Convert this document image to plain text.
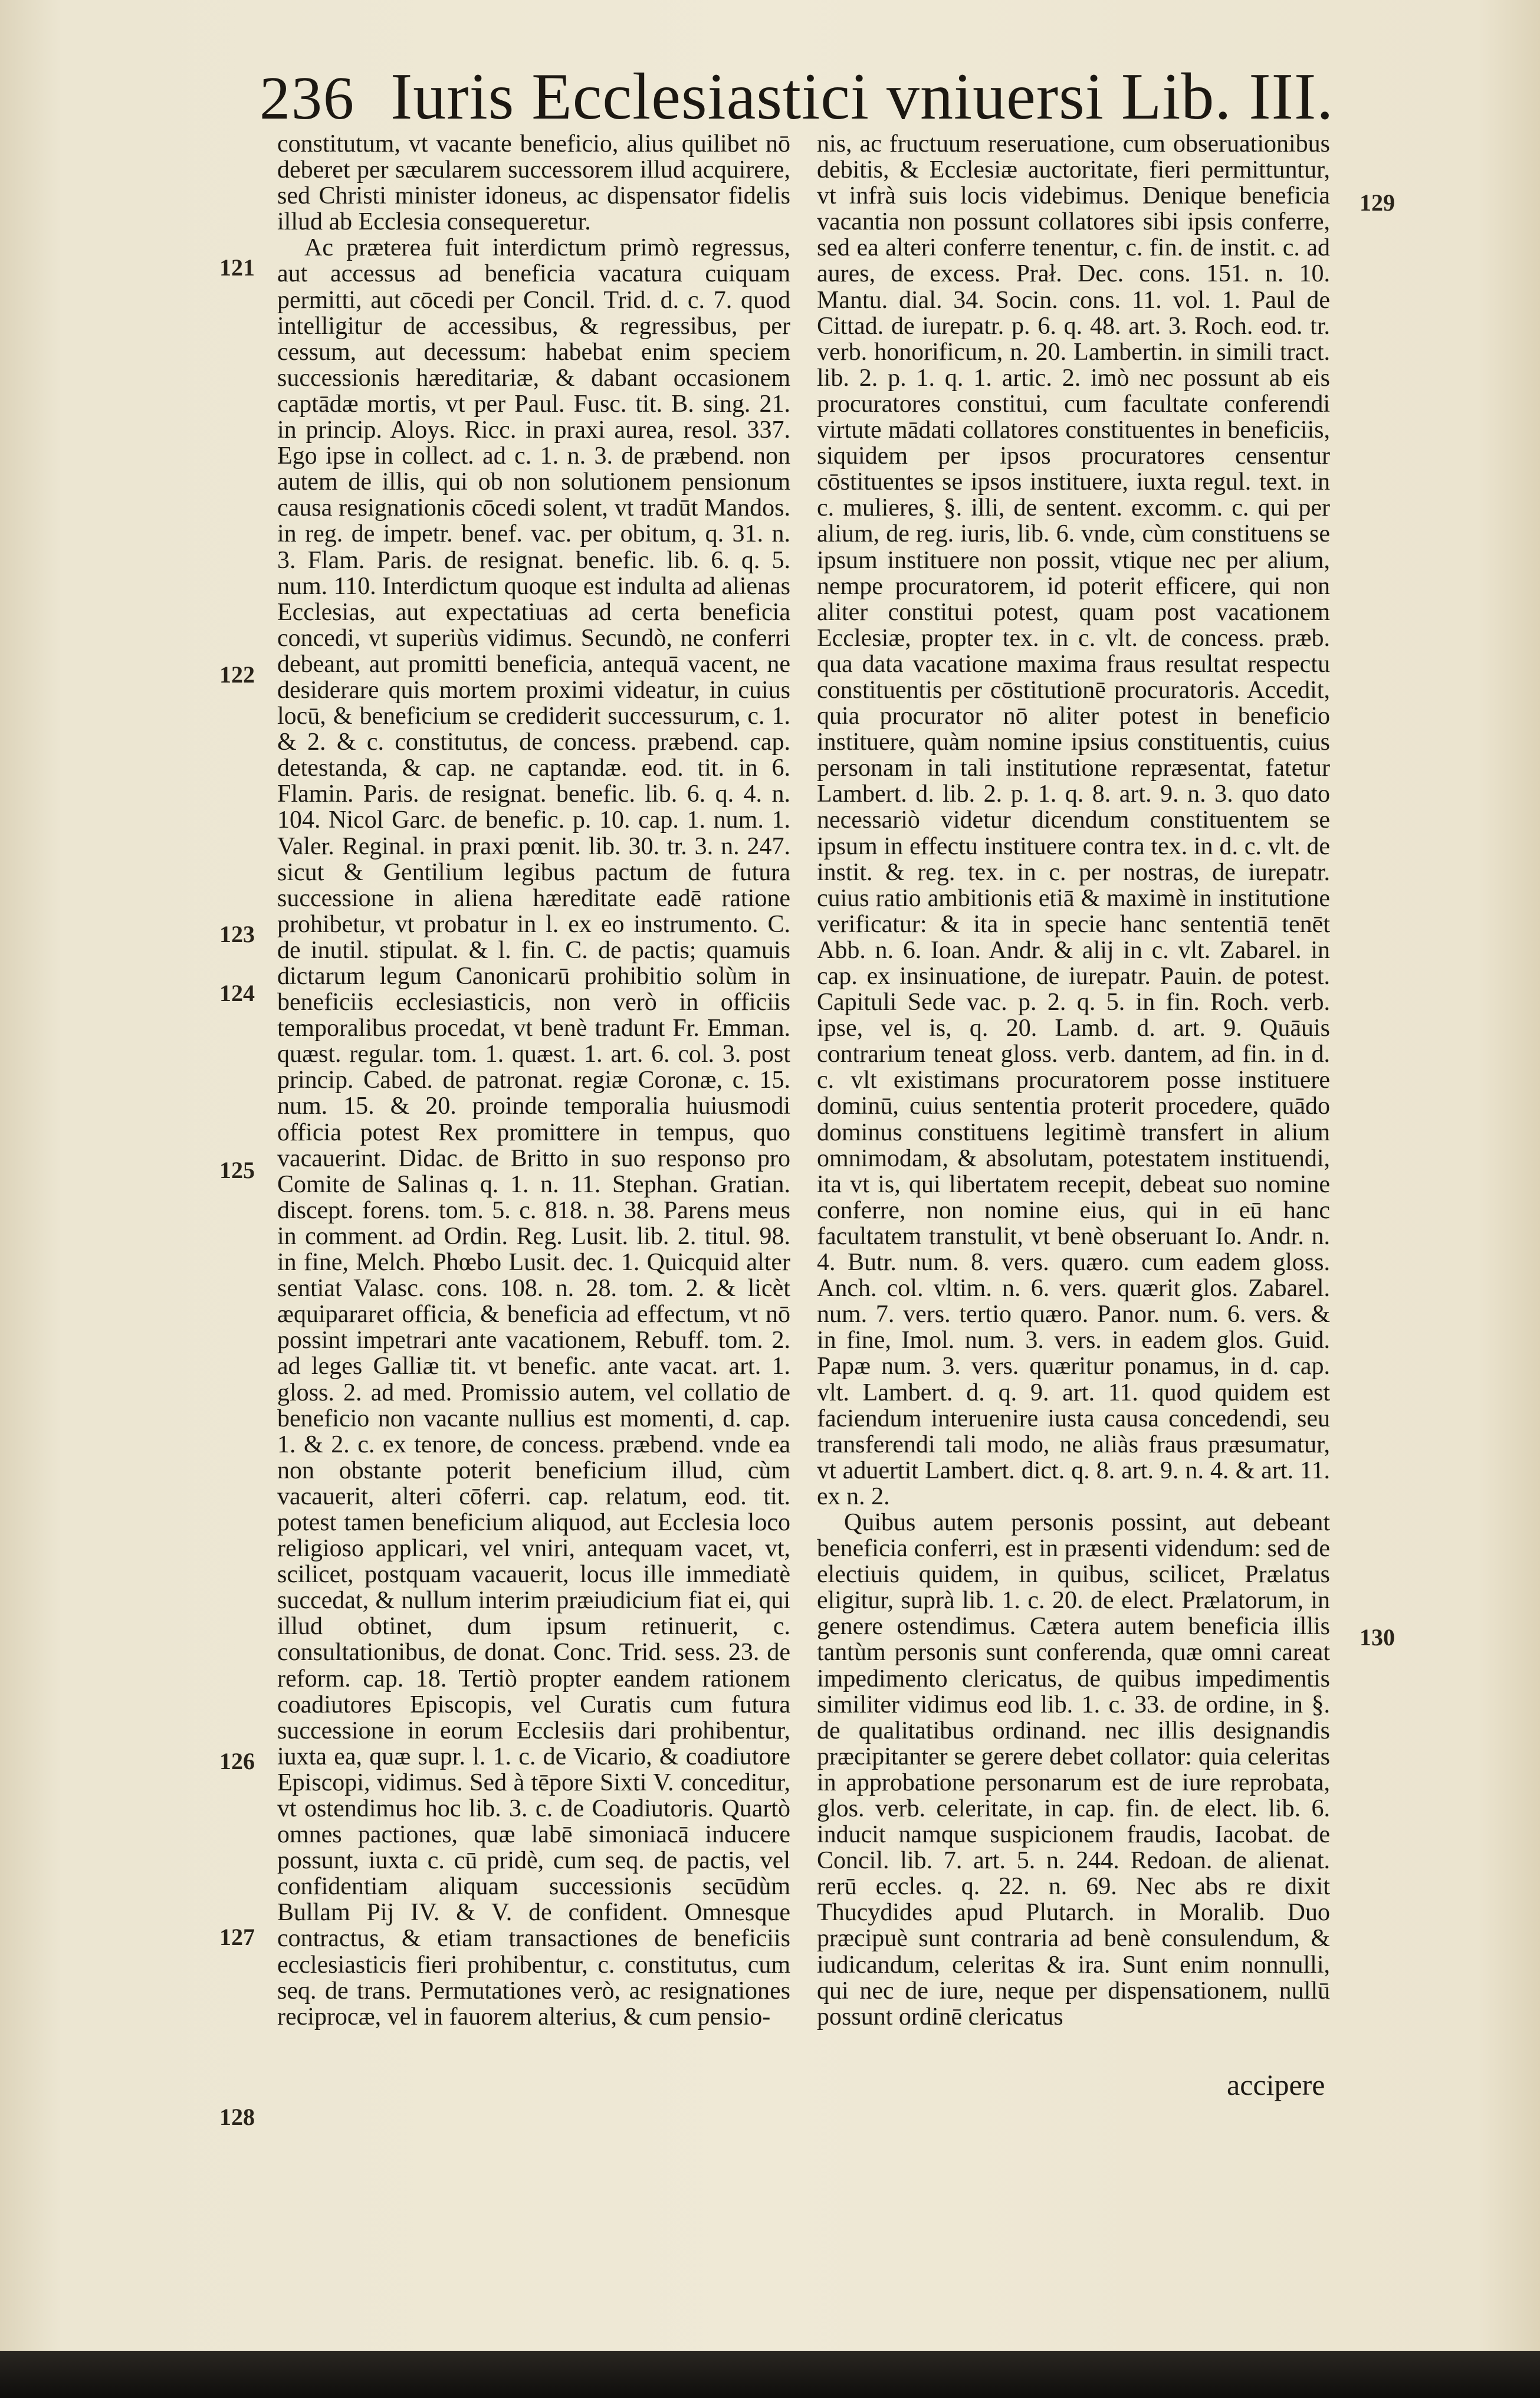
236 Iuris Ecclesiastici vniuersi Lib. III.

constitutum, vt vacante beneficio, alius quilibet nō deberet per sæcularem successorem illud acquirere, sed Christi minister idoneus, ac dispensator fidelis illud ab Ecclesia consequeretur.

Ac præterea fuit interdictum primò regressus, aut accessus ad beneficia vacatura cuiquam permitti, aut cōcedi per Concil. Trid. d. c. 7. quod intelligitur de accessibus, & regressibus, per cessum, aut decessum: habebat enim speciem successionis hæreditariæ, & dabant occasionem captādæ mortis, vt per Paul. Fusc. tit. B. sing. 21. in princip. Aloys. Ricc. in praxi aurea, resol. 337. Ego ipse in collect. ad c. 1. n. 3. de præbend. non autem de illis, qui ob non solutionem pensionum causa resignationis cōcedi solent, vt tradūt Mandos. in reg. de impetr. benef. vac. per obitum, q. 31. n. 3. Flam. Paris. de resignat. benefic. lib. 6. q. 5. num. 110. Interdictum quoque est indulta ad alienas Ecclesias, aut expectatiuas ad certa beneficia concedi, vt superiùs vidimus. Secundò, ne conferri debeant, aut promitti beneficia, antequā vacent, ne desiderare quis mortem proximi videatur, in cuius locū, & beneficium se crediderit successurum, c. 1. & 2. & c. constitutus, de concess. præbend. cap. detestanda, & cap. ne captandæ. eod. tit. in 6. Flamin. Paris. de resignat. benefic. lib. 6. q. 4. n. 104. Nicol Garc. de benefic. p. 10. cap. 1. num. 1. Valer. Reginal. in praxi pœnit. lib. 30. tr. 3. n. 247. sicut & Gentilium legibus pactum de futura successione in aliena hæreditate eadē ratione prohibetur, vt probatur in l. ex eo instrumento. C. de inutil. stipulat. & l. fin. C. de pactis; quamuis dictarum legum Canonicarū prohibitio solùm in beneficiis ecclesiasticis, non verò in officiis temporalibus procedat, vt benè tradunt Fr. Emman. quæst. regular. tom. 1. quæst. 1. art. 6. col. 3. post princip. Cabed. de patronat. regiæ Coronæ, c. 15. num. 15. & 20. proinde temporalia huiusmodi officia potest Rex promittere in tempus, quo vacauerint. Didac. de Britto in suo responso pro Comite de Salinas q. 1. n. 11. Stephan. Gratian. discept. forens. tom. 5. c. 818. n. 38. Parens meus in comment. ad Ordin. Reg. Lusit. lib. 2. titul. 98. in fine, Melch. Phœbo Lusit. dec. 1. Quicquid alter sentiat Valasc. cons. 108. n. 28. tom. 2. & licèt æquipararet officia, & beneficia ad effectum, vt nō possint impetrari ante vacationem, Rebuff. tom. 2. ad leges Galliæ tit. vt benefic. ante vacat. art. 1. gloss. 2. ad med. Promissio autem, vel collatio de beneficio non vacante nullius est momenti, d. cap. 1. & 2. c. ex tenore, de concess. præbend. vnde ea non obstante poterit beneficium illud, cùm vacauerit, alteri cōferri. cap. relatum, eod. tit. potest tamen beneficium aliquod, aut Ecclesia loco religioso applicari, vel vniri, antequam vacet, vt, scilicet, postquam vacauerit, locus ille immediatè succedat, & nullum interim præiudicium fiat ei, qui illud obtinet, dum ipsum retinuerit, c. consultationibus, de donat. Conc. Trid. sess. 23. de reform. cap. 18. Tertiò propter eandem rationem coadiutores Episcopis, vel Curatis cum futura successione in eorum Ecclesiis dari prohibentur, iuxta ea, quæ supr. l. 1. c. de Vicario, & coadiutore Episcopi, vidimus. Sed à tēpore Sixti V. conceditur, vt ostendimus hoc lib. 3. c. de Coadiutoris. Quartò omnes pactiones, quæ labē simoniacā inducere possunt, iuxta c. cū pridè, cum seq. de pactis, vel confidentiam aliquam successionis secūdùm Bullam Pij IV. & V. de confident. Omnesque contractus, & etiam transactiones de beneficiis ecclesiasticis fieri prohibentur, c. constitutus, cum seq. de trans. Permutationes verò, ac resignationes reciprocæ, vel in fauorem alterius, & cum pensio-

nis, ac fructuum reseruatione, cum obseruationibus debitis, & Ecclesiæ auctoritate, fieri permittuntur, vt infrà suis locis videbimus. Denique beneficia vacantia non possunt collatores sibi ipsis conferre, sed ea alteri conferre tenentur, c. fin. de instit. c. ad aures, de excess. Prał. Dec. cons. 151. n. 10. Mantu. dial. 34. Socin. cons. 11. vol. 1. Paul de Cittad. de iurepatr. p. 6. q. 48. art. 3. Roch. eod. tr. verb. honorificum, n. 20. Lambertin. in simili tract. lib. 2. p. 1. q. 1. artic. 2. imò nec possunt ab eis procuratores constitui, cum facultate conferendi virtute mādati collatores constituentes in beneficiis, siquidem per ipsos procuratores censentur cōstituentes se ipsos instituere, iuxta regul. text. in c. mulieres, §. illi, de sentent. excomm. c. qui per alium, de reg. iuris, lib. 6. vnde, cùm constituens se ipsum instituere non possit, vtique nec per alium, nempe procuratorem, id poterit efficere, qui non aliter constitui potest, quam post vacationem Ecclesiæ, propter tex. in c. vlt. de concess. præb. qua data vacatione maxima fraus resultat respectu constituentis per cōstitutionē procuratoris. Accedit, quia procurator nō aliter potest in beneficio instituere, quàm nomine ipsius constituentis, cuius personam in tali institutione repræsentat, fatetur Lambert. d. lib. 2. p. 1. q. 8. art. 9. n. 3. quo dato necessariò videtur dicendum constituentem se ipsum in effectu instituere contra tex. in d. c. vlt. de instit. & reg. tex. in c. per nostras, de iurepatr. cuius ratio ambitionis etiā & maximè in institutione verificatur: & ita in specie hanc sententiā tenēt Abb. n. 6. Ioan. Andr. & alij in c. vlt. Zabarel. in cap. ex insinuatione, de iurepatr. Pauin. de potest. Capituli Sede vac. p. 2. q. 5. in fin. Roch. verb. ipse, vel is, q. 20. Lamb. d. art. 9. Quāuis contrarium teneat gloss. verb. dantem, ad fin. in d. c. vlt existimans procuratorem posse instituere dominū, cuius sententia proterit procedere, quādo dominus constituens legitimè transfert in alium omnimodam, & absolutam, potestatem instituendi, ita vt is, qui libertatem recepit, debeat suo nomine conferre, non nomine eius, qui in eū hanc facultatem transtulit, vt benè obseruant Io. Andr. n. 4. Butr. num. 8. vers. quæro. cum eadem gloss. Anch. col. vltim. n. 6. vers. quærit glos. Zabarel. num. 7. vers. tertio quæro. Panor. num. 6. vers. & in fine, Imol. num. 3. vers. in eadem glos. Guid. Papæ num. 3. vers. quæritur ponamus, in d. cap. vlt. Lambert. d. q. 9. art. 11. quod quidem est faciendum interuenire iusta causa concedendi, seu transferendi tali modo, ne aliàs fraus præsumatur, vt aduertit Lambert. dict. q. 8. art. 9. n. 4. & art. 11. ex n. 2.

Quibus autem personis possint, aut debeant beneficia conferri, est in præsenti videndum: sed de electiuis quidem, in quibus, scilicet, Prælatus eligitur, suprà lib. 1. c. 20. de elect. Prælatorum, in genere ostendimus. Cætera autem beneficia illis tantùm personis sunt conferenda, quæ omni careat impedimento clericatus, de quibus impedimentis similiter vidimus eod lib. 1. c. 33. de ordine, in §. de qualitatibus ordinand. nec illis designandis præcipitanter se gerere debet collator: quia celeritas in approbatione personarum est de iure reprobata, glos. verb. celeritate, in cap. fin. de elect. lib. 6. inducit namque suspicionem fraudis, Iacobat. de Concil. lib. 7. art. 5. n. 244. Redoan. de alienat. rerū eccles. q. 22. n. 69. Nec abs re dixit Thucydides apud Plutarch. in Moralib. Duo præcipuè sunt contraria ad benè consulendum, & iudicandum, celeritas & ira. Sunt enim nonnulli, qui nec de iure, neque per dispensationem, nullū possunt ordinē clericatus

121
122
123
124
125
126
127
128
129
130
accipere
